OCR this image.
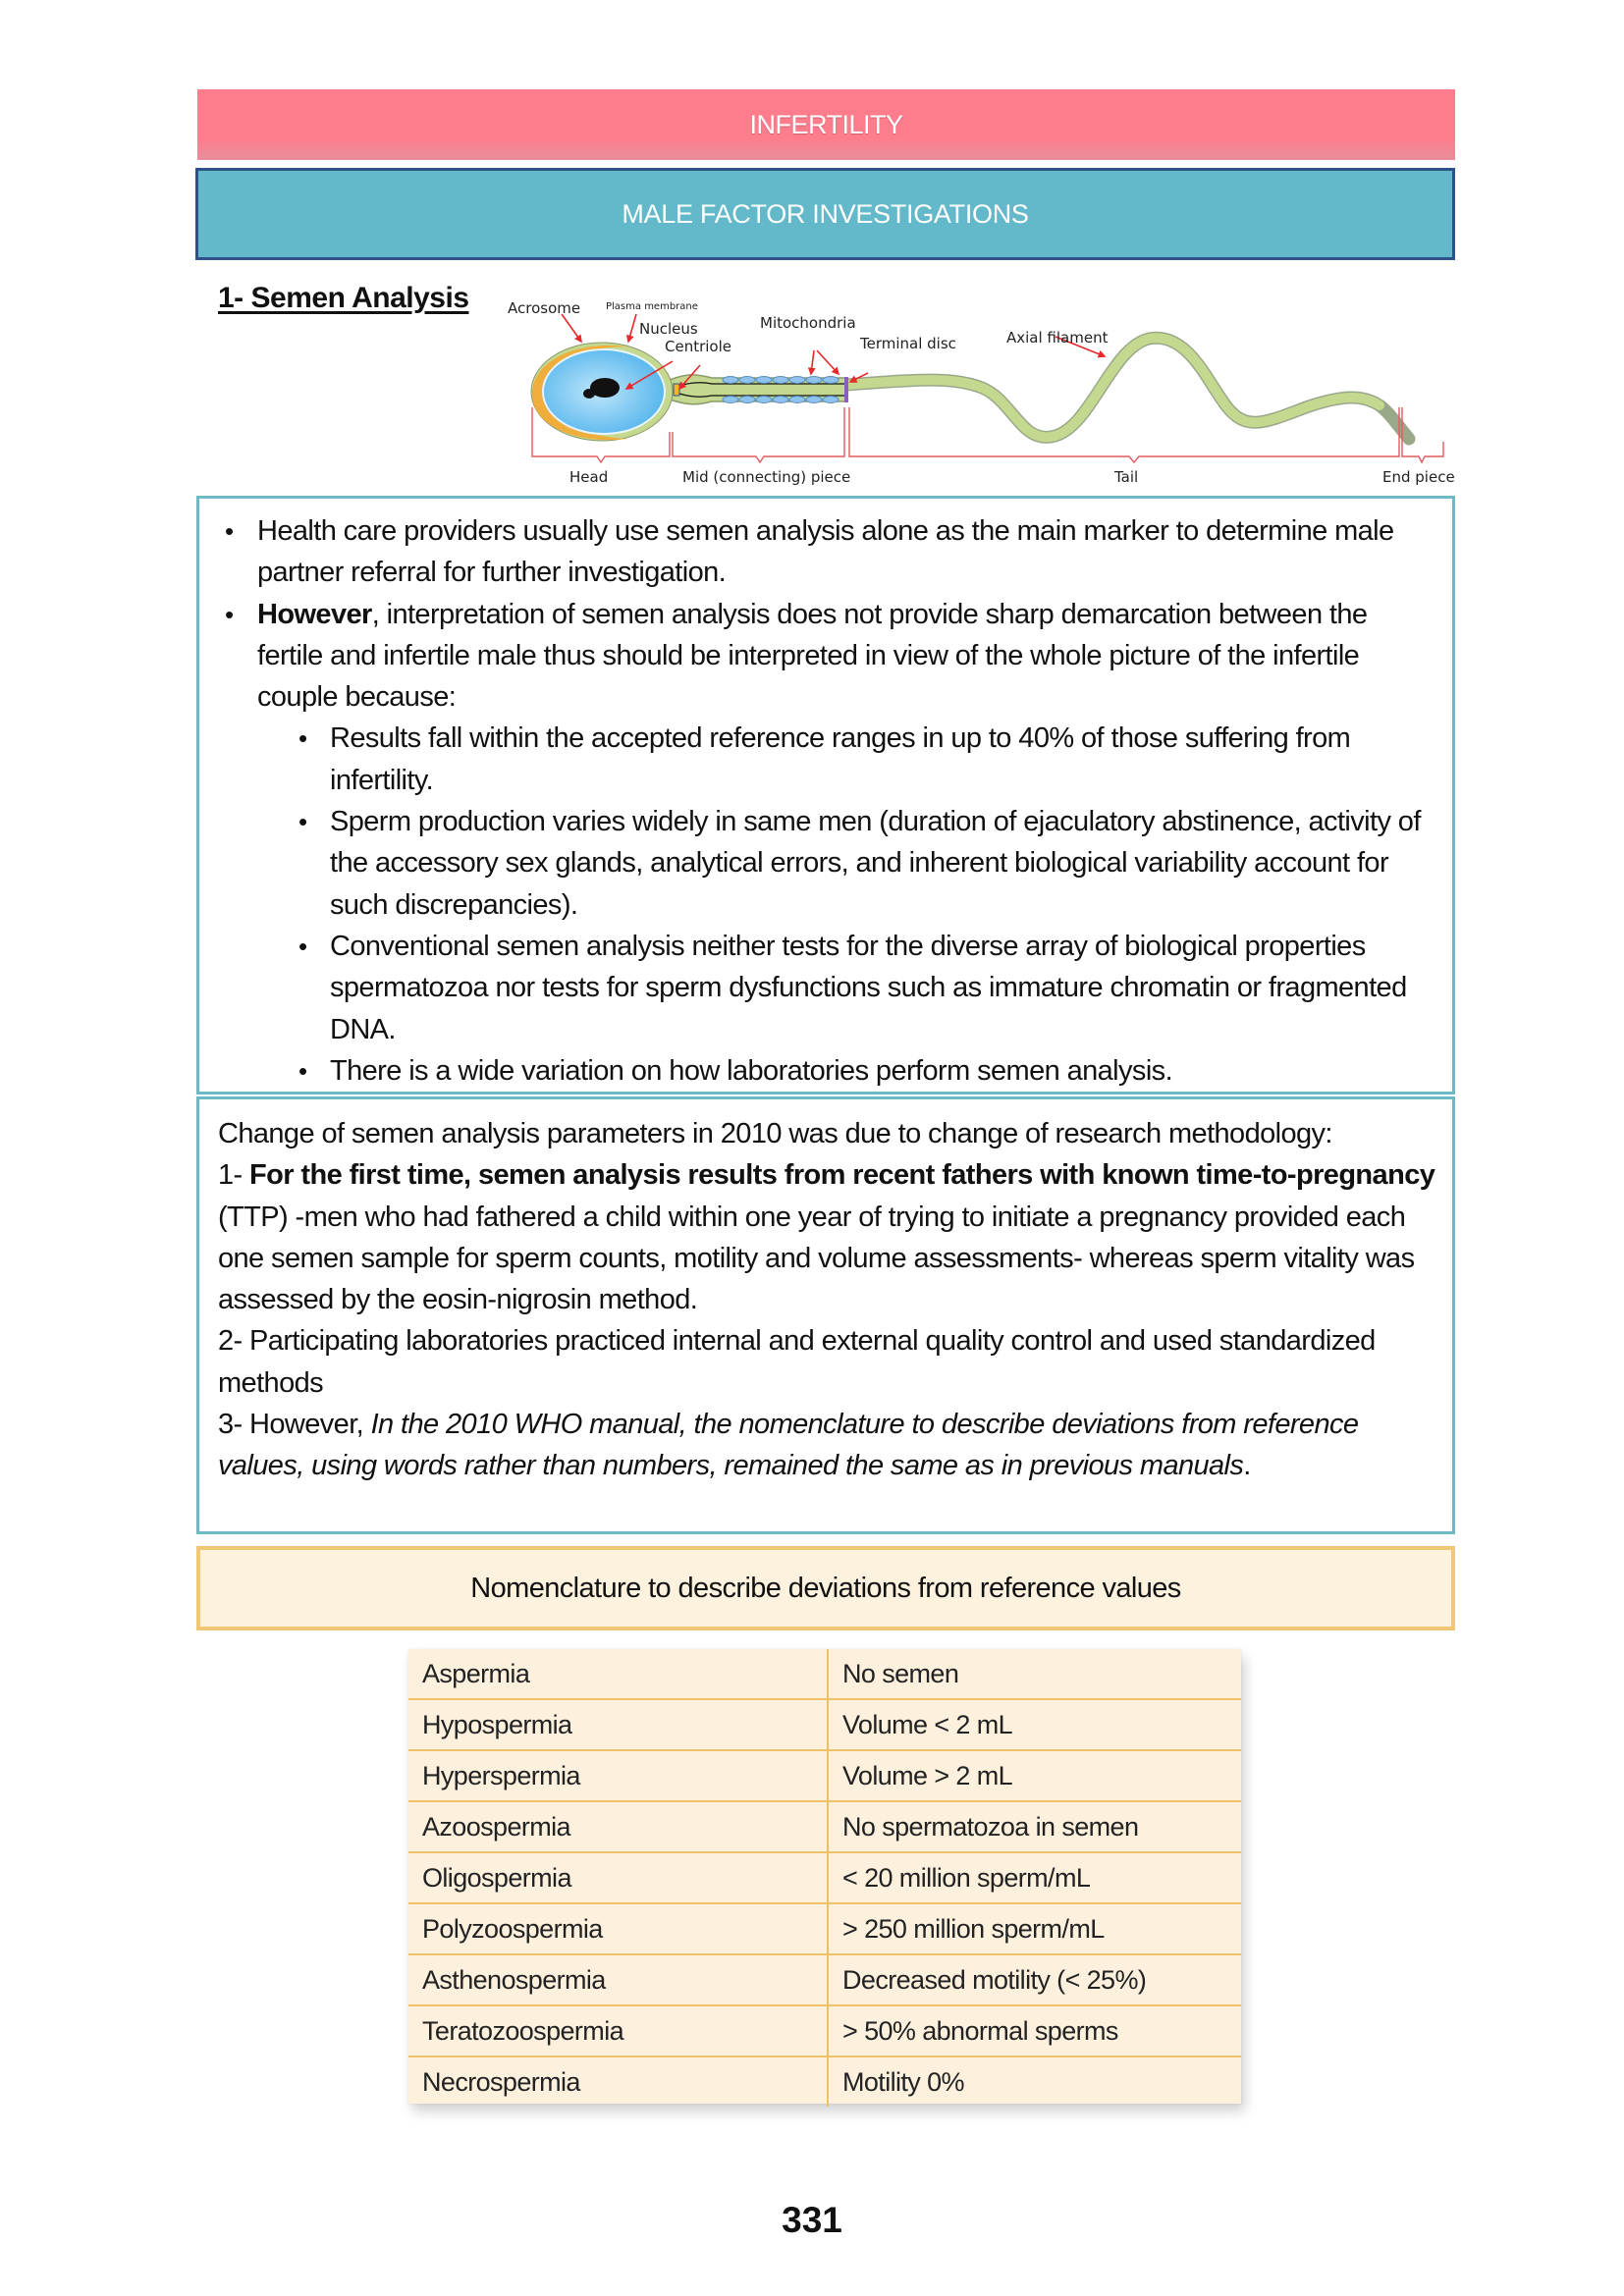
INFERTILITY
MALE FACTOR INVESTIGATIONS
1- Semen Analysis	Acrosome	Plasma membrane
Nucleus
Centriole
Mitochondria
Terminal disc	Axial filament
Head	Mid (connecting) piece	Tail	End piece
• Health care providers usually use semen analysis alone as the main marker to determine male partner referral for further investigation.
• However, interpretation of semen analysis does not provide sharp demarcation between the fertile and infertile male thus should be interpreted in view of the whole picture of the infertile couple because:
• Results fall within the accepted reference ranges in up to 40% of those suffering from infertility.
• Sperm production varies widely in same men (duration of ejaculatory abstinence, activity of the accessory sex glands, analytical errors, and inherent biological variability account for such discrepancies).
• Conventional semen analysis neither tests for the diverse array of biological properties spermatozoa nor tests for sperm dysfunctions such as immature chromatin or fragmented DNA.
• There is a wide variation on how laboratories perform semen analysis.

Change of semen analysis parameters in 2010 was due to change of research methodology:

1- For the first time, semen analysis results from recent fathers with known time-to-pregnancy (TTP) -men who had fathered a child within one year of trying to initiate a pregnancy provided each one semen sample for sperm counts, motility and volume assessments- whereas sperm vitality was assessed by the eosin-nigrosin method.

2- Participating laboratories practiced internal and external quality control and used standardized methods

3- However, In the 2010 WHO manual, the nomenclature to describe deviations from reference values, using words rather than numbers, remained the same as in previous manuals.

Nomenclature to describe deviations from reference values
Aspermia	No semen
Hypospermia	Volume < 2 mL
Hyperspermia	Volume > 2 mL
Azoospermia	No spermatozoa in semen
Oligospermia	< 20 million sperm/mL
Polyzoospermia	> 250 million sperm/mL
Asthenospermia	Decreased motility (< 25%)
Teratozoospermia	> 50% abnormal sperms
Necrospermia	Motility 0%
331
